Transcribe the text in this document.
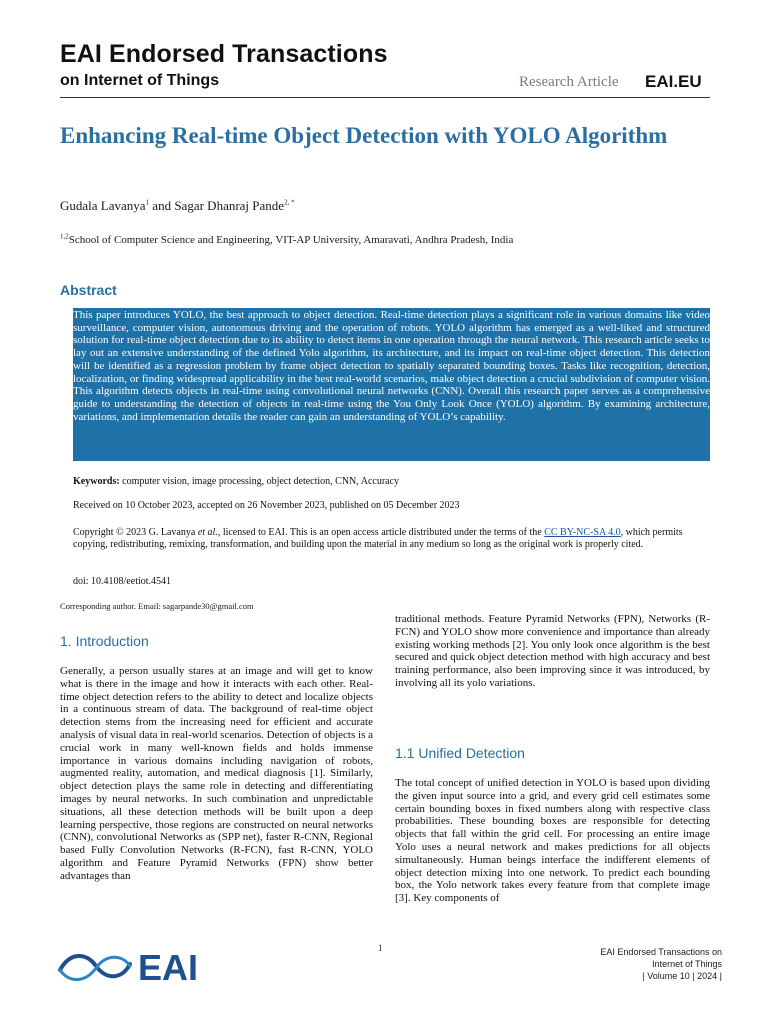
EAI Endorsed Transactions
on Internet of Things	Research Article EAI.EU
Enhancing Real-time Object Detection with YOLO Algorithm
Gudala Lavanya$^1$ and Sagar Dhanraj Pande$^{2, *}$
$^{1,2}$School of Computer Science and Engineering, VIT-AP University, Amaravati, Andhra Pradesh, India
Abstract
This paper introduces YOLO, the best approach to object detection. Real-time detection plays a significant role in various domains like video surveillance, computer vision, autonomous driving and the operation of robots. YOLO algorithm has emerged as a well-liked and structured solution for real-time object detection due to its ability to detect items in one operation through the neural network. This research article seeks to lay out an extensive understanding of the defined Yolo algorithm, its architecture, and its impact on real-time object detection. This detection will be identified as a regression problem by frame object detection to spatially separated bounding boxes. Tasks like recognition, detection, localization, or finding widespread applicability in the best real-world scenarios, make object detection a crucial subdivision of computer vision. This algorithm detects objects in real-time using convolutional neural networks (CNN). Overall this research paper serves as a comprehensive guide to understanding the detection of objects in real-time using the You Only Look Once (YOLO) algorithm. By examining architecture, variations, and implementation details the reader can gain an understanding of YOLO’s capability.
Keywords: computer vision, image processing, object detection, CNN, Accuracy
Received on 10 October 2023, accepted on 26 November 2023, published on 05 December 2023
Copyright © 2023 G. Lavanya et al., licensed to EAI. This is an open access article distributed under the terms of the CC BY-NC-SA 4.0, which permits copying, redistributing, remixing, transformation, and building upon the material in any medium so long as the original work is properly cited.
doi: 10.4108/eetiot.4541
Corresponding author. Email: sagarpande30@gmail.com
1. Introduction
Generally, a person usually stares at an image and will get to know what is there in the image and how it interacts with each other. Real-time object detection refers to the ability to detect and localize objects in a continuous stream of data. The background of real-time object detection stems from the increasing need for efficient and accurate analysis of visual data in real-world scenarios. Detection of objects is a crucial work in many well-known fields and holds immense importance in various domains including navigation of robots, augmented reality, automation, and medical diagnosis [1]. Similarly, object detection plays the same role in detecting and differentiating images by neural networks. In such combination and unpredictable situations, all these detection methods will be built upon a deep learning perspective, those regions are constructed on neural networks (CNN), convolutional Networks as (SPP net), faster R-CNN, Regional based Fully Convolution Networks (R-FCN), fast R-CNN, YOLO algorithm and Feature Pyramid Networks (FPN) show better advantages than
traditional methods. Feature Pyramid Networks (FPN), Networks (R-FCN) and YOLO show more convenience and importance than already existing working methods [2]. You only look once algorithm is the best secured and quick object detection method with high accuracy and best training performance, also been improving since it was introduced, by involving all its yolo variations.
1.1 Unified Detection
The total concept of unified detection in YOLO is based upon dividing the given input source into a grid, and every grid cell estimates some certain bounding boxes in fixed numbers along with respective class probabilities. These bounding boxes are responsible for detecting objects that fall within the grid cell. For processing an entire image Yolo uses a neural network and makes predictions for all objects simultaneously. Human beings interface the indifferent elements of object detection mixing into one network. To predict each bounding box, the Yolo network takes every feature from that complete image [3]. Key components of
EAI	1	EAI Endorsed Transactions on
Internet of Things
| Volume 10 | 2024 |
